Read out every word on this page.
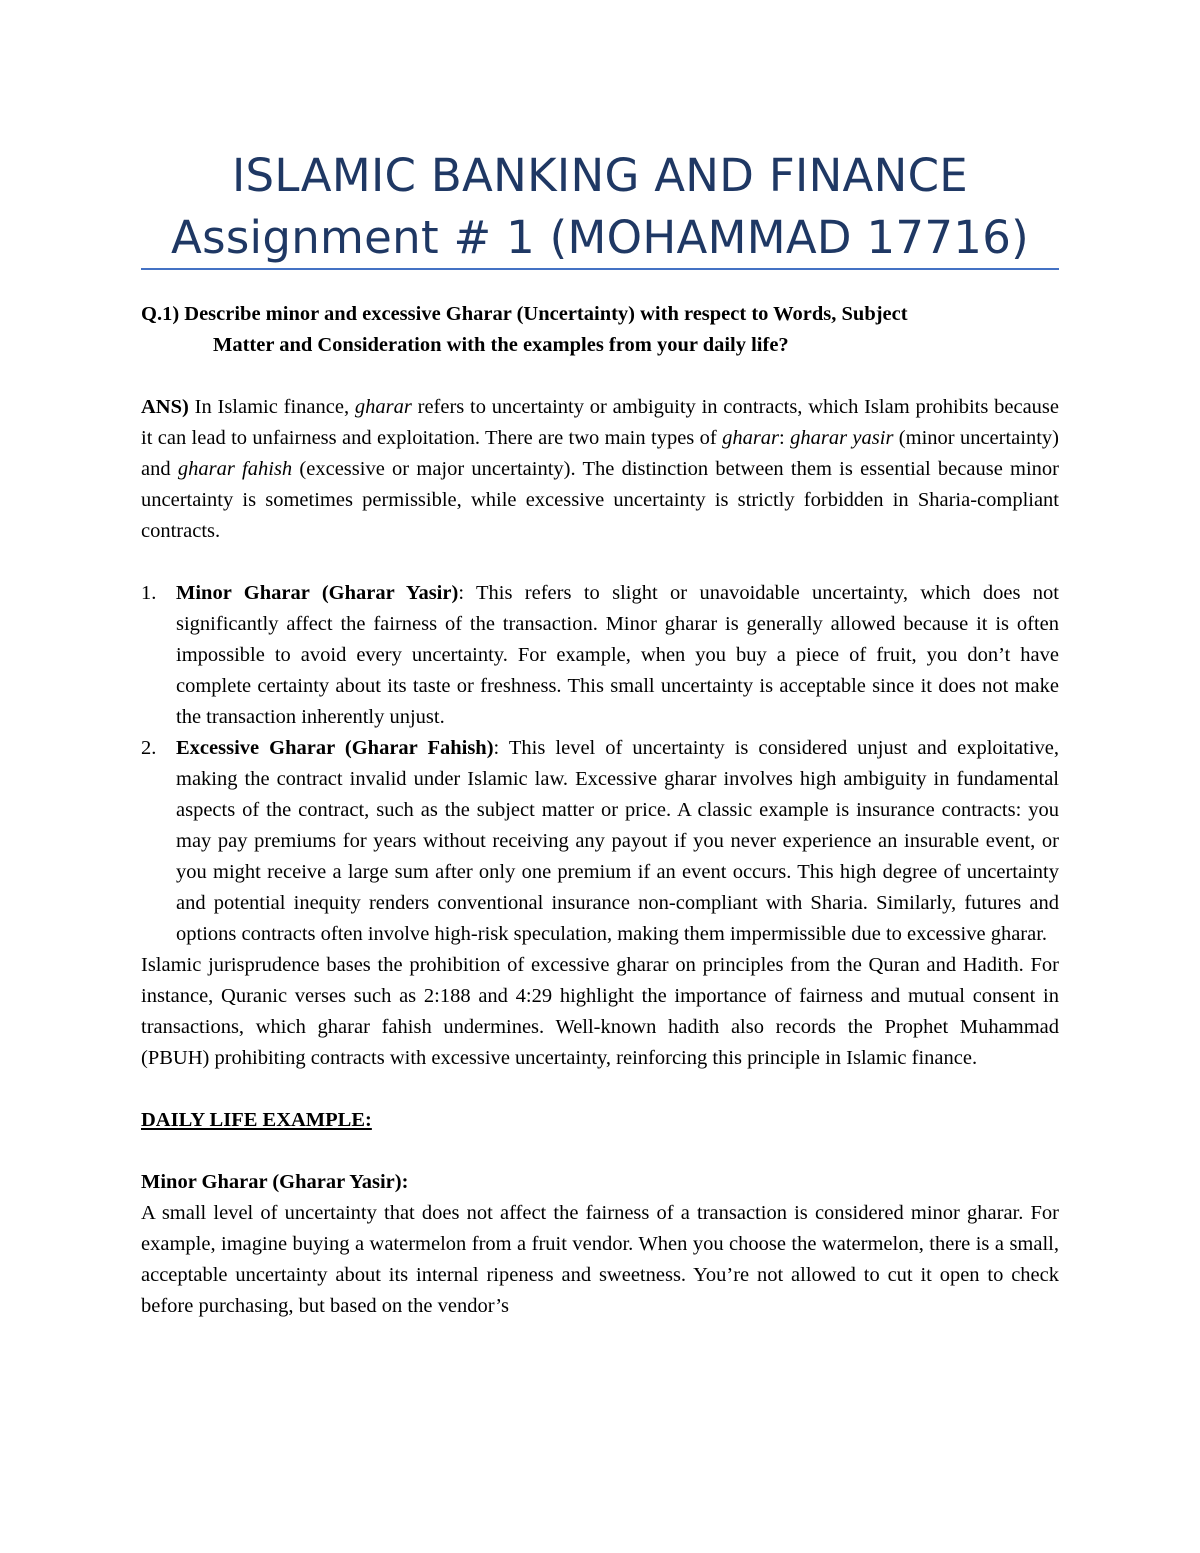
ISLAMIC BANKING AND FINANCE
Assignment # 1 (MOHAMMAD 17716)

Q.1) Describe minor and excessive Gharar (Uncertainty) with respect to Words, Subject
Matter and Consideration with the examples from your daily life?

ANS) In Islamic finance, gharar refers to uncertainty or ambiguity in contracts, which Islam prohibits because it can lead to unfairness and exploitation. There are two main types of gharar: gharar yasir (minor uncertainty) and gharar fahish (excessive or major uncertainty). The distinction between them is essential because minor uncertainty is sometimes permissible, while excessive uncertainty is strictly forbidden in Sharia-compliant contracts.

1. Minor Gharar (Gharar Yasir): This refers to slight or unavoidable uncertainty, which does not significantly affect the fairness of the transaction. Minor gharar is generally allowed because it is often impossible to avoid every uncertainty. For example, when you buy a piece of fruit, you don’t have complete certainty about its taste or freshness. This small uncertainty is acceptable since it does not make the transaction inherently unjust.
2. Excessive Gharar (Gharar Fahish): This level of uncertainty is considered unjust and exploitative, making the contract invalid under Islamic law. Excessive gharar involves high ambiguity in fundamental aspects of the contract, such as the subject matter or price. A classic example is insurance contracts: you may pay premiums for years without receiving any payout if you never experience an insurable event, or you might receive a large sum after only one premium if an event occurs. This high degree of uncertainty and potential inequity renders conventional insurance non-compliant with Sharia. Similarly, futures and options contracts often involve high-risk speculation, making them impermissible due to excessive gharar.

Islamic jurisprudence bases the prohibition of excessive gharar on principles from the Quran and Hadith. For instance, Quranic verses such as 2:188 and 4:29 highlight the importance of fairness and mutual consent in transactions, which gharar fahish undermines. Well-known hadith also records the Prophet Muhammad (PBUH) prohibiting contracts with excessive uncertainty, reinforcing this principle in Islamic finance.

DAILY LIFE EXAMPLE:

Minor Gharar (Gharar Yasir):

A small level of uncertainty that does not affect the fairness of a transaction is considered minor gharar. For example, imagine buying a watermelon from a fruit vendor. When you choose the watermelon, there is a small, acceptable uncertainty about its internal ripeness and sweetness. You’re not allowed to cut it open to check before purchasing, but based on the vendor’s
